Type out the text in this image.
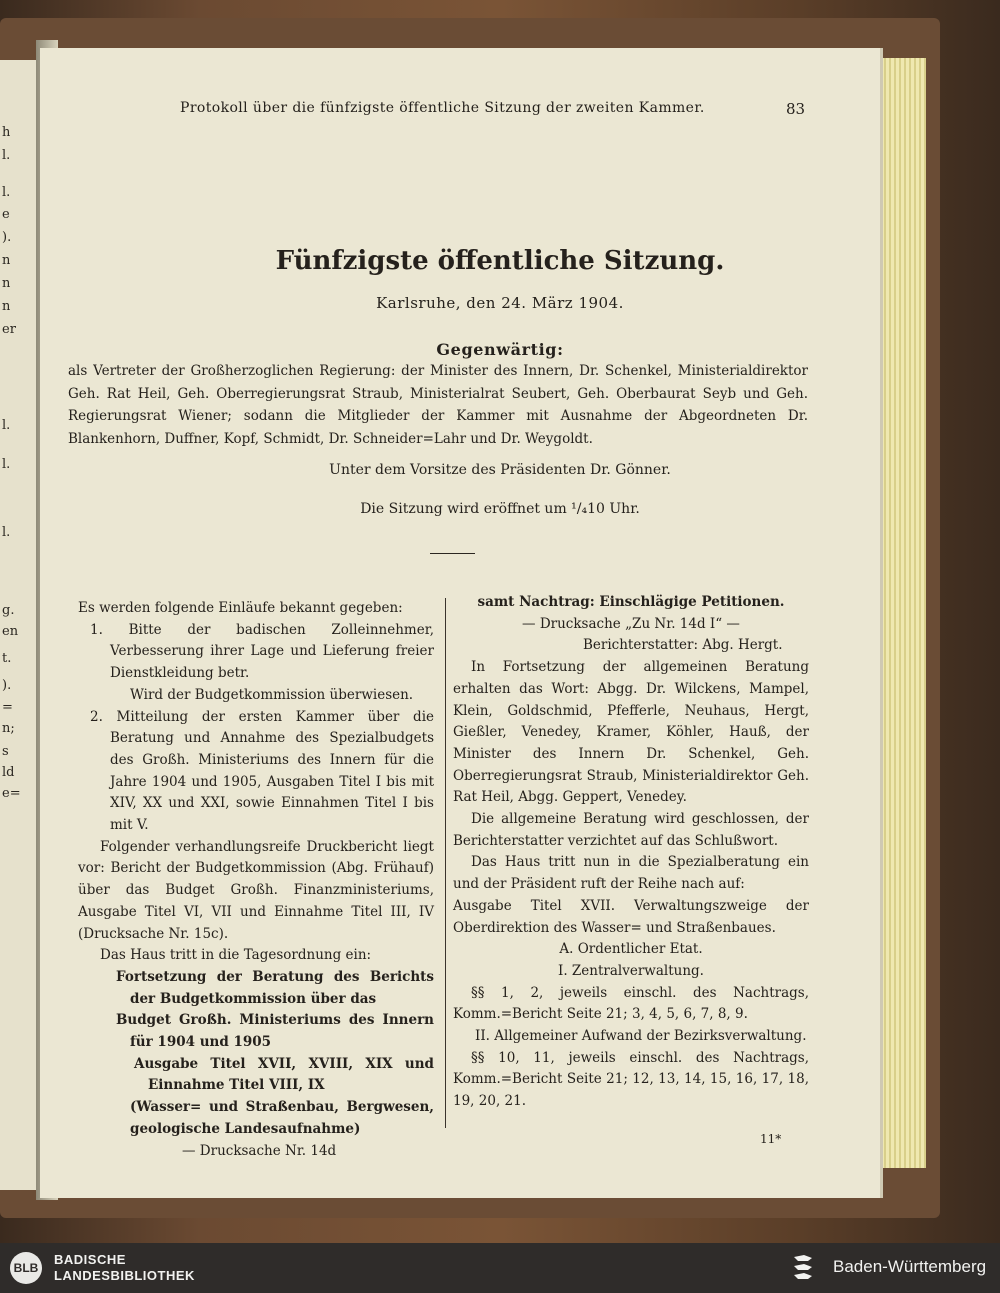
h
l.
l.
e
).
n
n
n
er
l.
l.
l.
g.
en
t.
).
=
n;
s
ld
e=
Protokoll über die fünfzigste öffentliche Sitzung der zweiten Kammer.	83
Fünfzigste öffentliche Sitzung.
Karlsruhe, den 24. März 1904.
Gegenwärtig:
als Vertreter der Großherzoglichen Regierung: der Minister des Innern, Dr. Schenkel, Ministerialdirektor Geh. Rat Heil, Geh. Oberregierungsrat Straub, Ministerialrat Seubert, Geh. Oberbaurat Seyb und Geh. Regierungsrat Wiener; sodann die Mitglieder der Kammer mit Ausnahme der Abgeordneten Dr. Blankenhorn, Duffner, Kopf, Schmidt, Dr. Schneider=Lahr und Dr. Weygoldt.
Unter dem Vorsitze des Präsidenten Dr. Gönner.
Die Sitzung wird eröffnet um ¹/₄10 Uhr.

Es werden folgende Einläufe bekannt gegeben:

1. Bitte der badischen Zolleinnehmer, Verbesserung ihrer Lage und Lieferung freier Dienstkleidung betr.

Wird der Budgetkommission überwiesen.

2. Mitteilung der ersten Kammer über die Beratung und Annahme des Spezialbudgets des Großh. Ministeriums des Innern für die Jahre 1904 und 1905, Ausgaben Titel I bis mit XIV, XX und XXI, sowie Einnahmen Titel I bis mit V.

Folgender verhandlungsreife Druckbericht liegt vor: Bericht der Budgetkommission (Abg. Frühauf) über das Budget Großh. Finanzministeriums, Ausgabe Titel VI, VII und Einnahme Titel III, IV (Drucksache Nr. 15c).

Das Haus tritt in die Tagesordnung ein:

Fortsetzung der Beratung des Berichts der Budgetkommission über das

Budget Großh. Ministeriums des Innern für 1904 und 1905

Ausgabe Titel XVII, XVIII, XIX und Einnahme Titel VIII, IX

(Wasser= und Straßenbau, Bergwesen, geologische Landesaufnahme)

— Drucksache Nr. 14d

samt Nachtrag: Einschlägige Petitionen.

— Drucksache „Zu Nr. 14d I“ —

Berichterstatter: Abg. Hergt.

In Fortsetzung der allgemeinen Beratung erhalten das Wort: Abgg. Dr. Wilckens, Mampel, Klein, Goldschmid, Pfefferle, Neuhaus, Hergt, Gießler, Venedey, Kramer, Köhler, Hauß, der Minister des Innern Dr. Schenkel, Geh. Oberregierungsrat Straub, Ministerialdirektor Geh. Rat Heil, Abgg. Geppert, Venedey.

Die allgemeine Beratung wird geschlossen, der Berichterstatter verzichtet auf das Schlußwort.

Das Haus tritt nun in die Spezialberatung ein und der Präsident ruft der Reihe nach auf:

Ausgabe Titel XVII. Verwaltungszweige der Oberdirektion des Wasser= und Straßenbaues.

A. Ordentlicher Etat.

I. Zentralverwaltung.

§§ 1, 2, jeweils einschl. des Nachtrags, Komm.=Bericht Seite 21; 3, 4, 5, 6, 7, 8, 9.

II. Allgemeiner Aufwand der Bezirksverwaltung.

§§ 10, 11, jeweils einschl. des Nachtrags, Komm.=Bericht Seite 21; 12, 13, 14, 15, 16, 17, 18, 19, 20, 21.

11*
BLB
BADISCHE
LANDESBIBLIOTHEK	Baden-Württemberg
